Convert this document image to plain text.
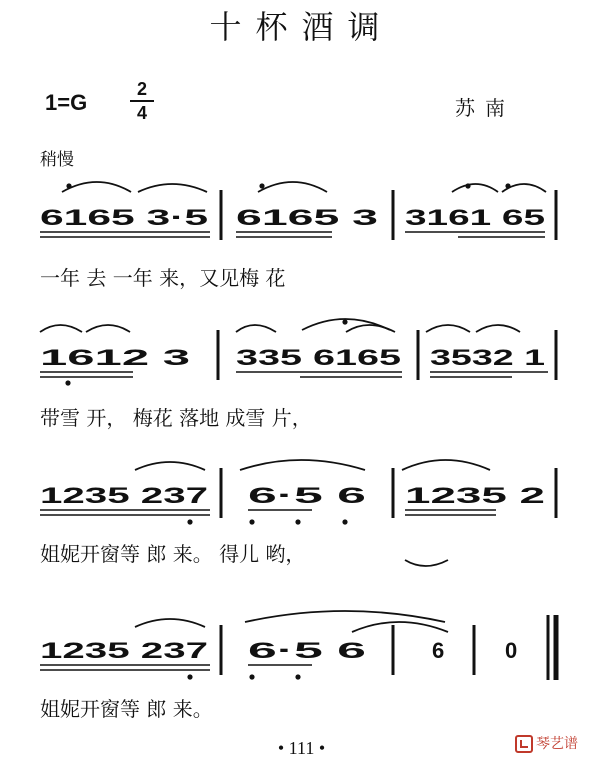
十杯酒调
1=G
2
4	苏南
稍慢
6165 3·5 6165 3 3161 65
1612 3 335 6165 3532 1
1235 237 6·5 6 1235 2
1235 237 6·5 6	6	0
一年 去 一年 来，又见梅 花
带雪 开， 梅花 落地 成雪 片，
姐妮开窗等 郎 来。 得儿 哟，
姐妮开窗等 郎 来。
• 111 •	琴艺谱
